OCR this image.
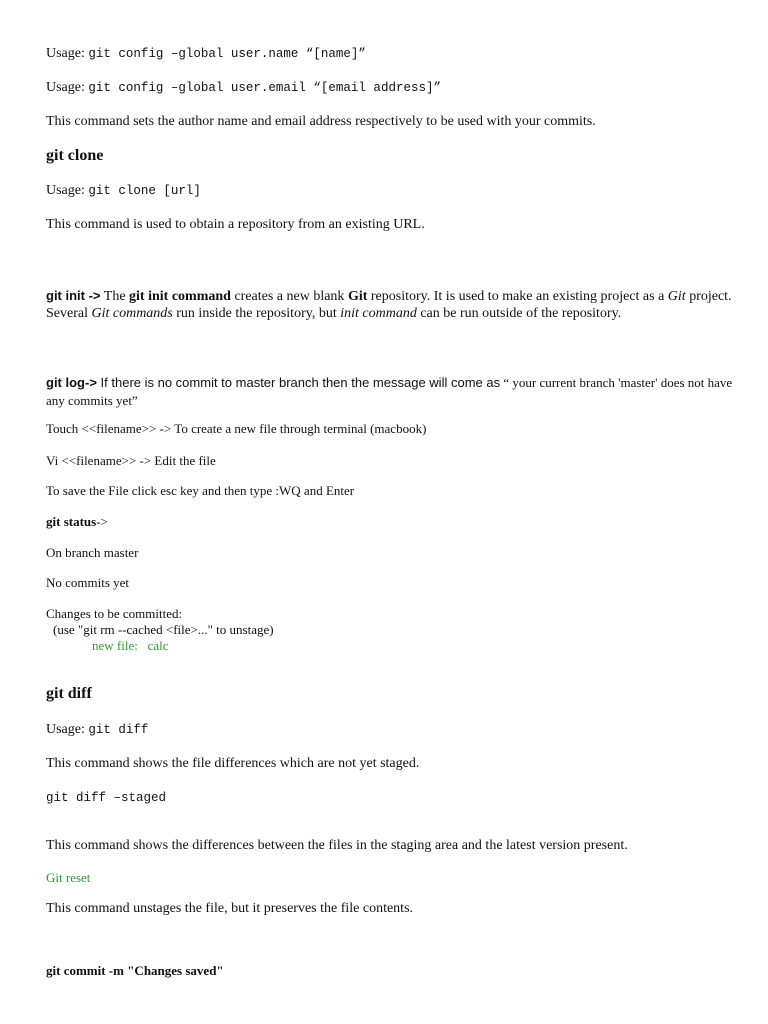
Usage: git config –global user.name “[name]”
Usage: git config –global user.email “[email address]”
This command sets the author name and email address respectively to be used with your commits.
git clone
Usage: git clone [url]
This command is used to obtain a repository from an existing URL.
git init -> The git init command creates a new blank Git repository. It is used to make an existing project as a Git project. Several Git commands run inside the repository, but init command can be run outside of the repository.
git log-> If there is no commit to master branch then the message will come as “ your current branch 'master' does not have any commits yet”
Touch <<filename>> -> To create a new file through terminal (macbook)
Vi <<filename>> -> Edit the file
To save the File click esc key and then type :WQ and Enter
git status->
On branch master
No commits yet
Changes to be committed:
(use "git rm --cached <file>..." to unstage)
new file: calc
git diff
Usage: git diff
This command shows the file differences which are not yet staged.
git diff –staged
This command shows the differences between the files in the staging area and the latest version present.
Git reset
This command unstages the file, but it preserves the file contents.
git commit -m "Changes saved"
